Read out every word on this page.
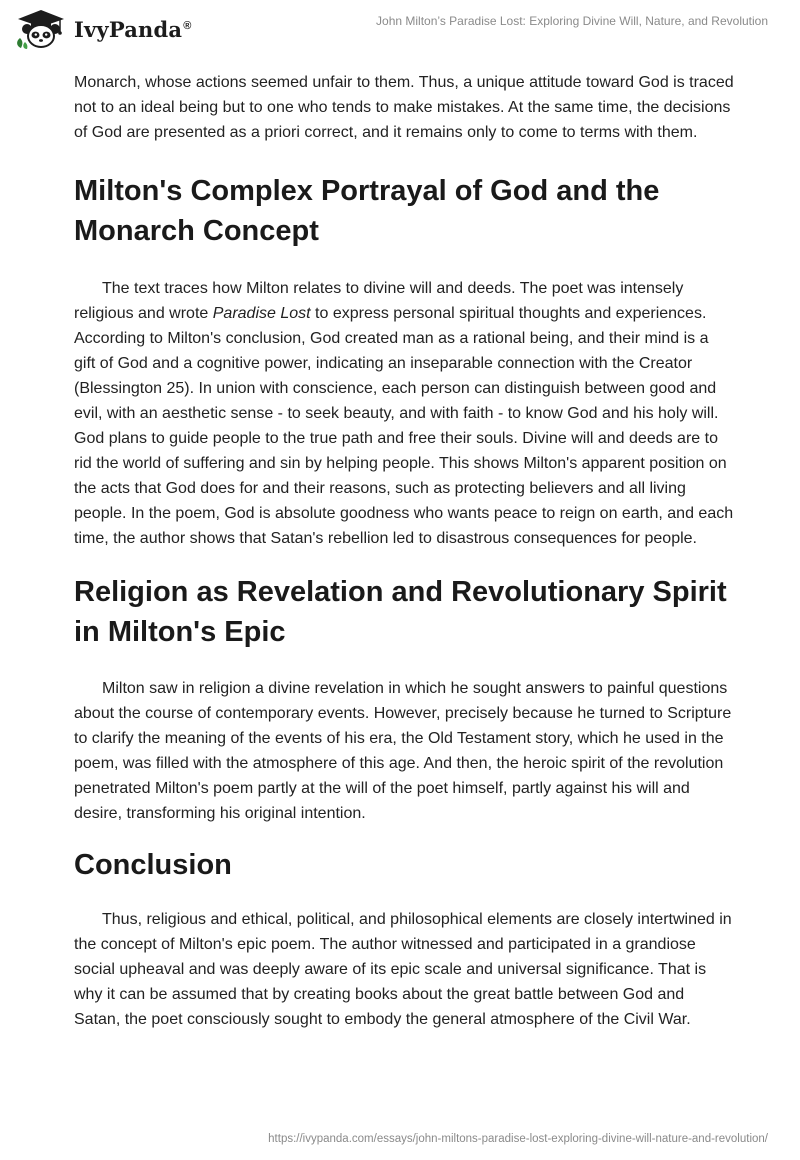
IvyPanda®	John Milton’s Paradise Lost: Exploring Divine Will, Nature, and Revolution

Monarch, whose actions seemed unfair to them. Thus, a unique attitude toward God is traced not to an ideal being but to one who tends to make mistakes. At the same time, the decisions of God are presented as a priori correct, and it remains only to come to terms with them.

Milton's Complex Portrayal of God and the Monarch Concept

The text traces how Milton relates to divine will and deeds. The poet was intensely religious and wrote Paradise Lost to express personal spiritual thoughts and experiences. According to Milton's conclusion, God created man as a rational being, and their mind is a gift of God and a cognitive power, indicating an inseparable connection with the Creator (Blessington 25). In union with conscience, each person can distinguish between good and evil, with an aesthetic sense - to seek beauty, and with faith - to know God and his holy will. God plans to guide people to the true path and free their souls. Divine will and deeds are to rid the world of suffering and sin by helping people. This shows Milton's apparent position on the acts that God does for and their reasons, such as protecting believers and all living people. In the poem, God is absolute goodness who wants peace to reign on earth, and each time, the author shows that Satan's rebellion led to disastrous consequences for people.

Religion as Revelation and Revolutionary Spirit in Milton's Epic

Milton saw in religion a divine revelation in which he sought answers to painful questions about the course of contemporary events. However, precisely because he turned to Scripture to clarify the meaning of the events of his era, the Old Testament story, which he used in the poem, was filled with the atmosphere of this age. And then, the heroic spirit of the revolution penetrated Milton's poem partly at the will of the poet himself, partly against his will and desire, transforming his original intention.

Conclusion

Thus, religious and ethical, political, and philosophical elements are closely intertwined in the concept of Milton's epic poem. The author witnessed and participated in a grandiose social upheaval and was deeply aware of its epic scale and universal significance. That is why it can be assumed that by creating books about the great battle between God and Satan, the poet consciously sought to embody the general atmosphere of the Civil War.

https://ivypanda.com/essays/john-miltons-paradise-lost-exploring-divine-will-nature-and-revolution/
